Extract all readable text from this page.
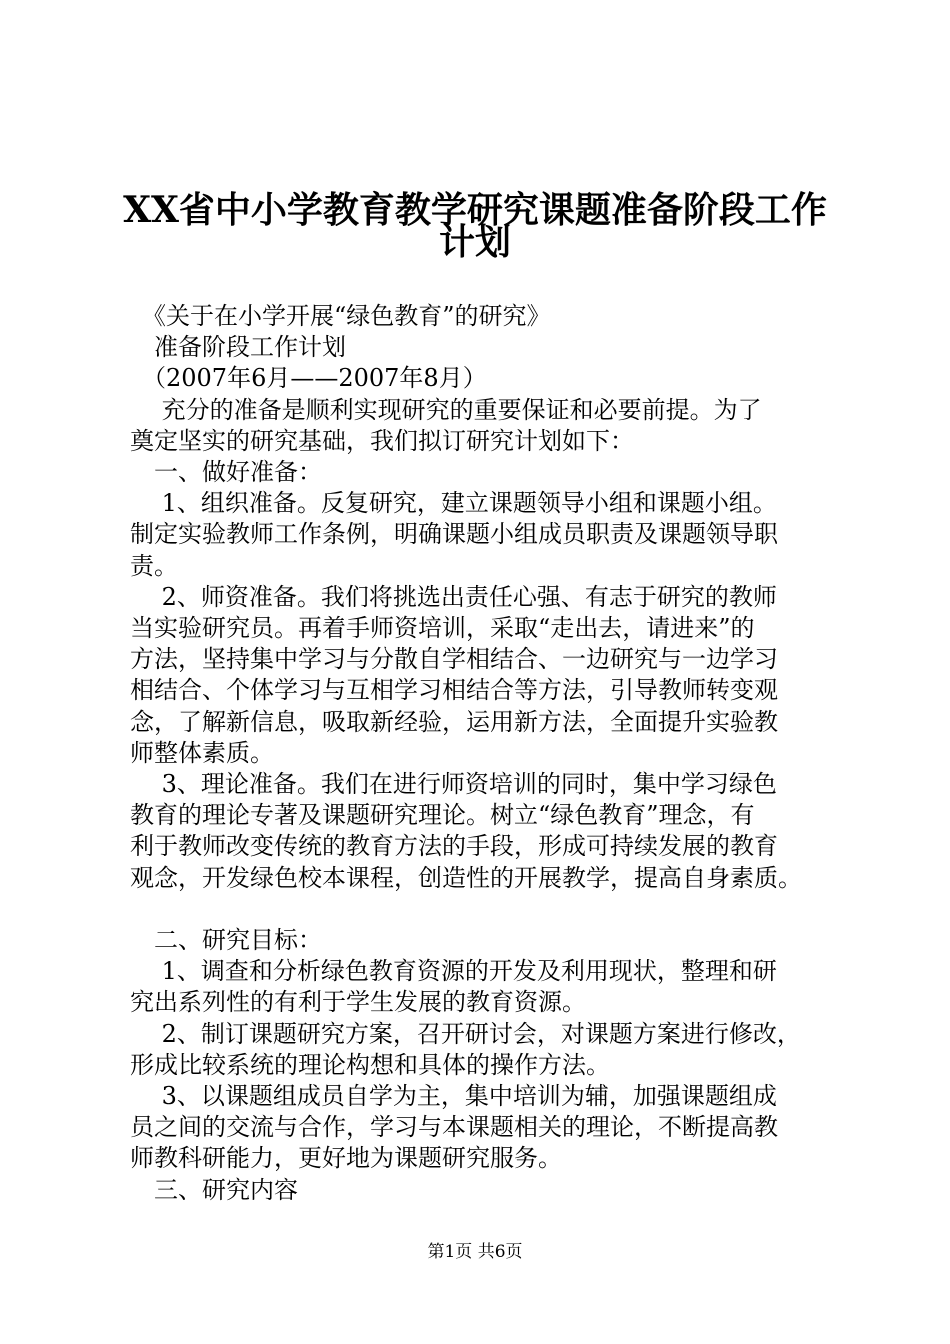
XX省中小学教育教学研究课题准备阶段工作
计划
　《关于在小学开展“绿色教育”的研究》
　准备阶段工作计划
　（2007年6月——2007年8月）
　 充分的准备是顺利实现研究的重要保证和必要前提。为了
奠定坚实的研究基础，我们拟订研究计划如下：
　一、做好准备：
　 1、组织准备。反复研究，建立课题领导小组和课题小组。
制定实验教师工作条例，明确课题小组成员职责及课题领导职
责。
　 2、师资准备。我们将挑选出责任心强、有志于研究的教师
当实验研究员。再着手师资培训，采取“走出去，请进来”的
方法，坚持集中学习与分散自学相结合、一边研究与一边学习
相结合、个体学习与互相学习相结合等方法，引导教师转变观
念，了解新信息，吸取新经验，运用新方法，全面提升实验教
师整体素质。
　 3、理论准备。我们在进行师资培训的同时，集中学习绿色
教育的理论专著及课题研究理论。树立“绿色教育”理念，有
利于教师改变传统的教育方法的手段，形成可持续发展的教育
观念，开发绿色校本课程，创造性的开展教学，提高自身素质。
　二、研究目标：
　 1、调查和分析绿色教育资源的开发及利用现状，整理和研
究出系列性的有利于学生发展的教育资源。
　 2、制订课题研究方案，召开研讨会，对课题方案进行修改，
形成比较系统的理论构想和具体的操作方法。
　 3、以课题组成员自学为主，集中培训为辅，加强课题组成
员之间的交流与合作，学习与本课题相关的理论，不断提高教
师教科研能力，更好地为课题研究服务。
　三、研究内容
第1页 共6页
